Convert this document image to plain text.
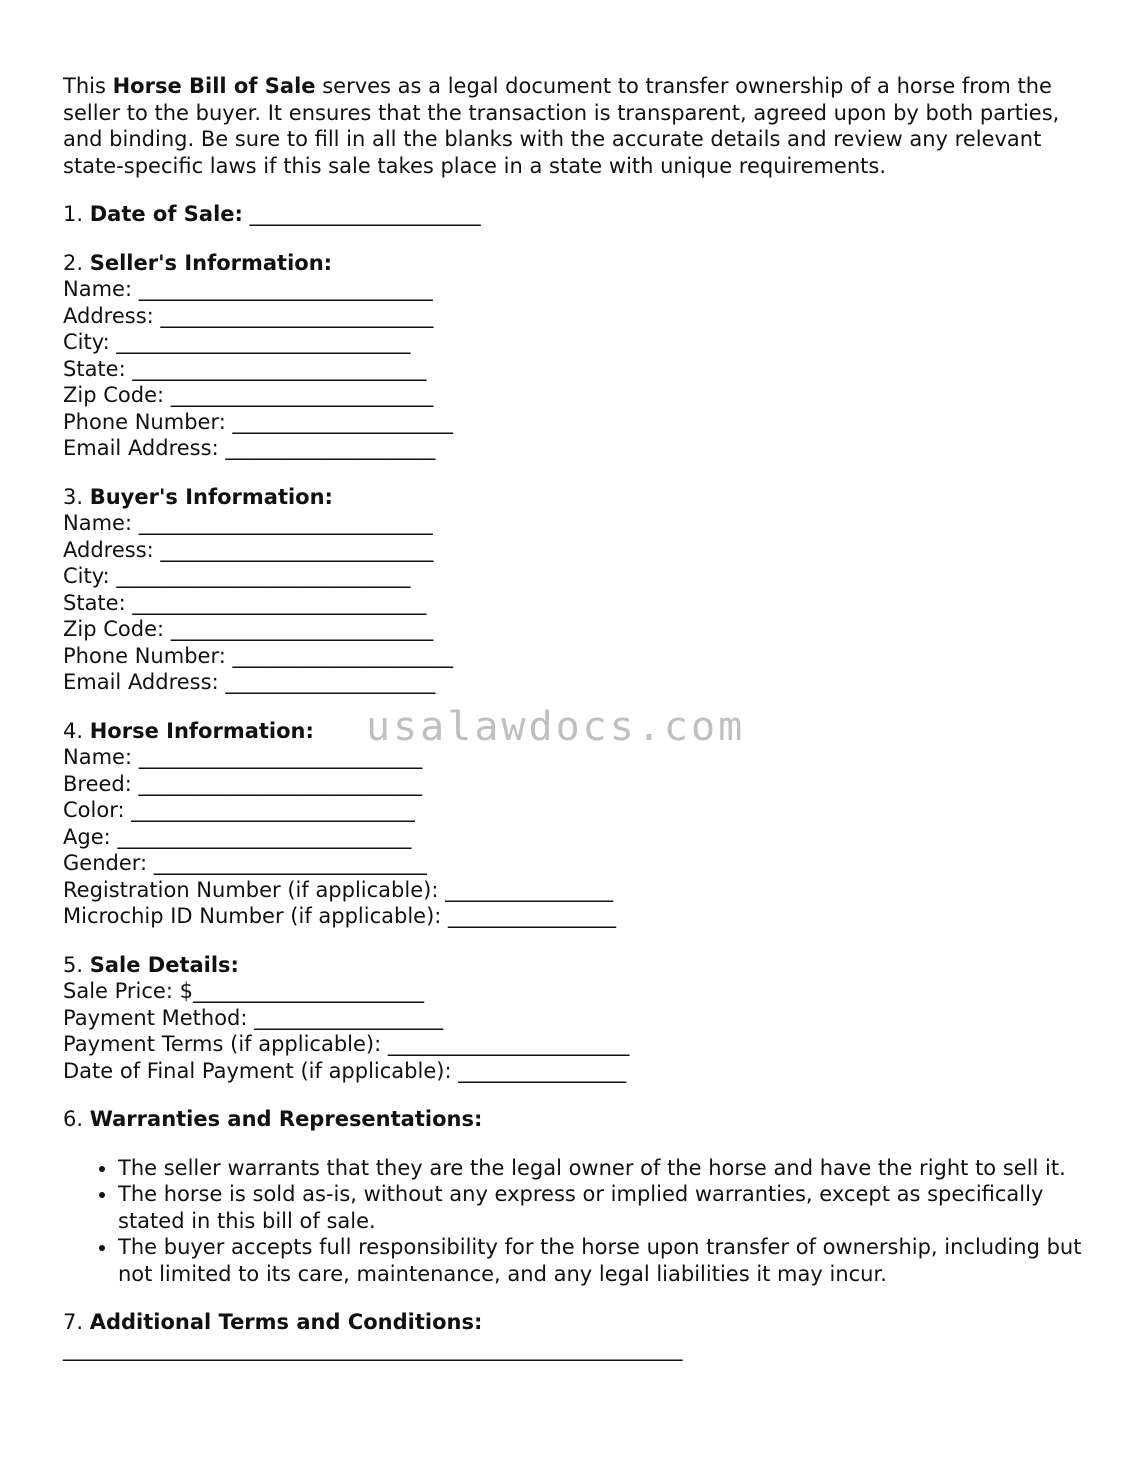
This Horse Bill of Sale serves as a legal document to transfer ownership of a horse from the seller to the buyer. It ensures that the transaction is transparent, agreed upon by both parties, and binding. Be sure to fill in all the blanks with the accurate details and review any relevant state-specific laws if this sale takes place in a state with unique requirements.

1. Date of Sale: ______________________
2. Seller's Information:
Name: ____________________________
Address: __________________________
City: ____________________________
State: ____________________________
Zip Code: _________________________
Phone Number: _____________________
Email Address: ____________________
3. Buyer's Information:
Name: ____________________________
Address: __________________________
City: ____________________________
State: ____________________________
Zip Code: _________________________
Phone Number: _____________________
Email Address: ____________________
4. Horse Information:
Name: ___________________________
Breed: ___________________________
Color: ___________________________
Age: ____________________________
Gender: __________________________
Registration Number (if applicable): ________________
Microchip ID Number (if applicable): ________________
5. Sale Details:
Sale Price: $______________________
Payment Method: __________________
Payment Terms (if applicable): _______________________
Date of Final Payment (if applicable): ________________
6. Warranties and Representations:
• The seller warrants that they are the legal owner of the horse and have the right to sell it.
• The horse is sold as-is, without any express or implied warranties, except as specifically stated in this bill of sale.
• The buyer accepts full responsibility for the horse upon transfer of ownership, including but not limited to its care, maintenance, and any legal liabilities it may incur.
7. Additional Terms and Conditions:
___________________________________________________________
usalawdocs.com
